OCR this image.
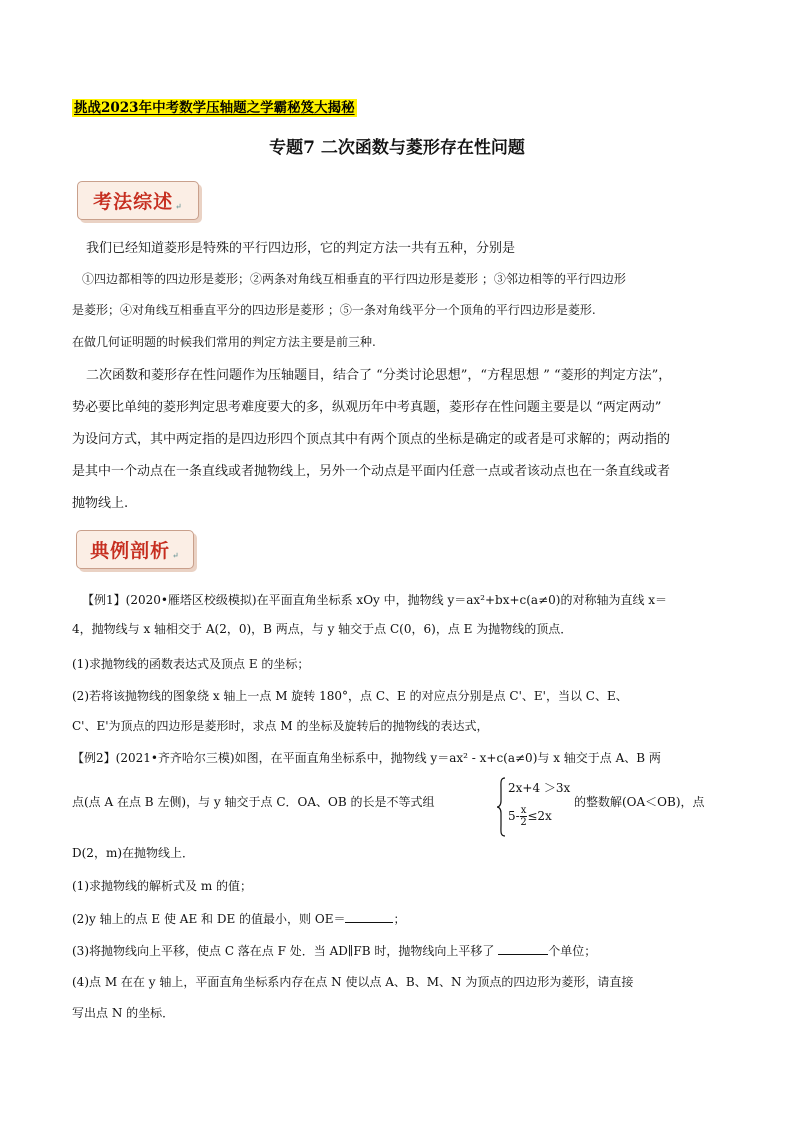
挑战2023年中考数学压轴题之学霸秘笈大揭秘
专题7 二次函数与菱形存在性问题
考法综述 ↵
我们已经知道菱形是特殊的平行四边形，它的判定方法一共有五种，分别是
①四边都相等的四边形是菱形；②两条对角线互相垂直的平行四边形是菱形 ；③邻边相等的平行四边形
是菱形；④对角线互相垂直平分的四边形是菱形 ；⑤一条对角线平分一个顶角的平行四边形是菱形.
在做几何证明题的时候我们常用的判定方法主要是前三种.
二次函数和菱形存在性问题作为压轴题目，结合了 “分类讨论思想”，“方程思想 ” “菱形的判定方法”，
势必要比单纯的菱形判定思考难度要大的多，纵观历年中考真题，菱形存在性问题主要是以 “两定两动”
为设问方式，其中两定指的是四边形四个顶点其中有两个顶点的坐标是确定的或者是可求解的；两动指的
是其中一个动点在一条直线或者抛物线上，另外一个动点是平面内任意一点或者该动点也在一条直线或者
抛物线上.
典例剖析 ↵
【例1】(2020•雁塔区校级模拟)在平面直角坐标系 xOy 中，抛物线 y＝ax²+bx+c(a≠0)的对称轴为直线 x＝
4，抛物线与 x 轴相交于 A(2，0)，B 两点，与 y 轴交于点 C(0，6)，点 E 为抛物线的顶点．
(1)求抛物线的函数表达式及顶点 E 的坐标；
(2)若将该抛物线的图象绕 x 轴上一点 M 旋转 180°，点 C、E 的对应点分别是点 C'、E'，当以 C、E、
C'、E'为顶点的四边形是菱形时，求点 M 的坐标及旋转后的抛物线的表达式，
【例2】(2021•齐齐哈尔三模)如图，在平面直角坐标系中，抛物线 y＝ax² - x+c(a≠0)与 x 轴交于点 A、B 两
点(点 A 在点 B 左侧)，与 y 轴交于点 C．OA、OB 的长是不等式组
2x+4 ＞3x
$5- \frac{x}{2} \le 2x$
的整数解(OA＜OB)，点
D(2，m)在抛物线上．
(1)求抛物线的解析式及 m 的值；
(2)y 轴上的点 E 使 AE 和 DE 的值最小，则 OE＝	；
(3)将抛物线向上平移，使点 C 落在点 F 处．当 AD∥FB 时，抛物线向上平移了	个单位；
(4)点 M 在在 y 轴上，平面直角坐标系内存在点 N 使以点 A、B、M、N 为顶点的四边形为菱形，请直接
写出点 N 的坐标．
